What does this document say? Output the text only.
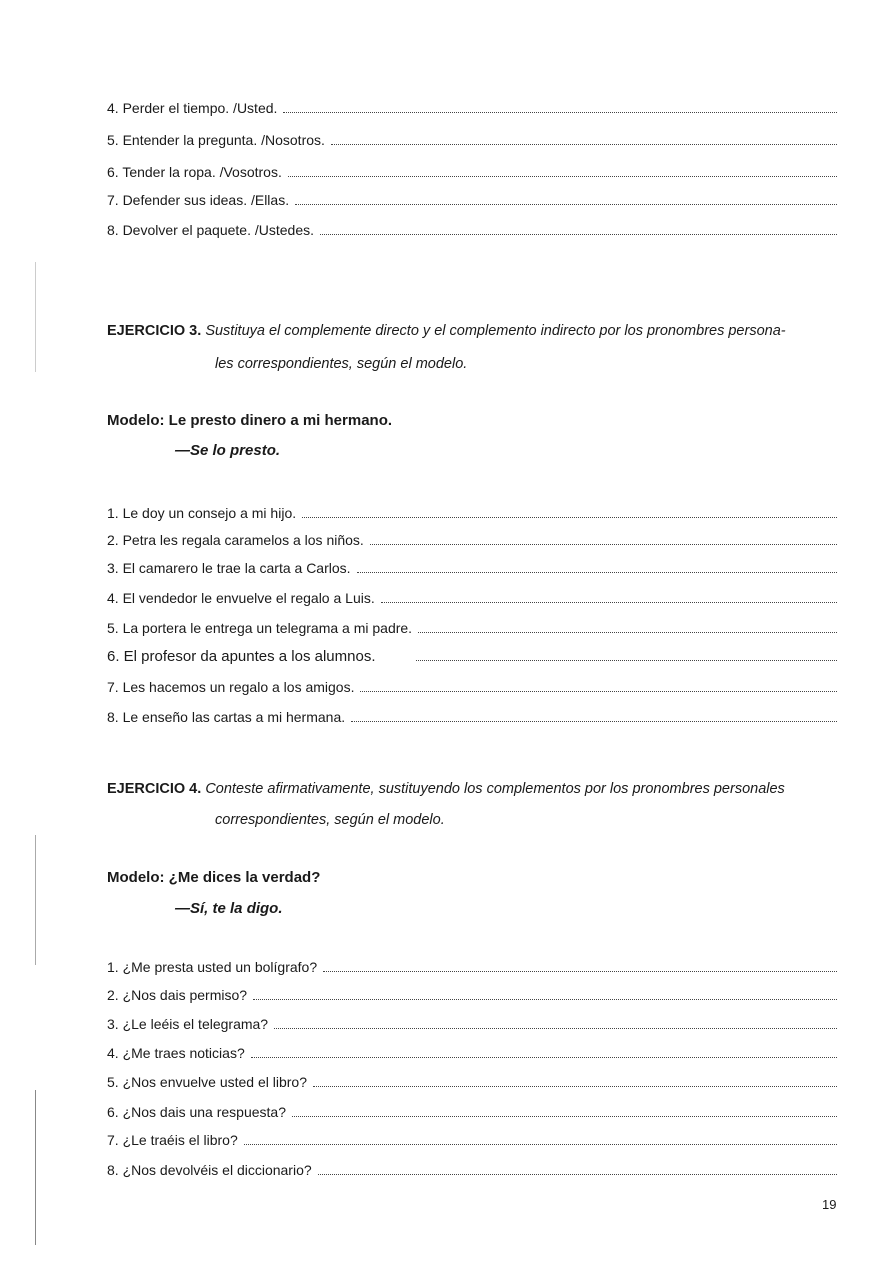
4. Perder el tiempo. /Usted.
5. Entender la pregunta. /Nosotros.
6. Tender la ropa. /Vosotros.
7. Defender sus ideas. /Ellas.
8. Devolver el paquete. /Ustedes.
EJERCICIO 3. Sustituya el complemente directo y el complemento indirecto por los pronombres persona-
les correspondientes, según el modelo.
Modelo: Le presto dinero a mi hermano.
—Se lo presto.
1. Le doy un consejo a mi hijo.
2. Petra les regala caramelos a los niños.
3. El camarero le trae la carta a Carlos.
4. El vendedor le envuelve el regalo a Luis.
5. La portera le entrega un telegrama a mi padre.
6. El profesor da apuntes a los alumnos.
7. Les hacemos un regalo a los amigos.
8. Le enseño las cartas a mi hermana.
EJERCICIO 4. Conteste afirmativamente, sustituyendo los complementos por los pronombres personales
correspondientes, según el modelo.
Modelo: ¿Me dices la verdad?
—Sí, te la digo.
1. ¿Me presta usted un bolígrafo?
2. ¿Nos dais permiso?
3. ¿Le leéis el telegrama?
4. ¿Me traes noticias?
5. ¿Nos envuelve usted el libro?
6. ¿Nos dais una respuesta?
7. ¿Le traéis el libro?
8. ¿Nos devolvéis el diccionario?
19
